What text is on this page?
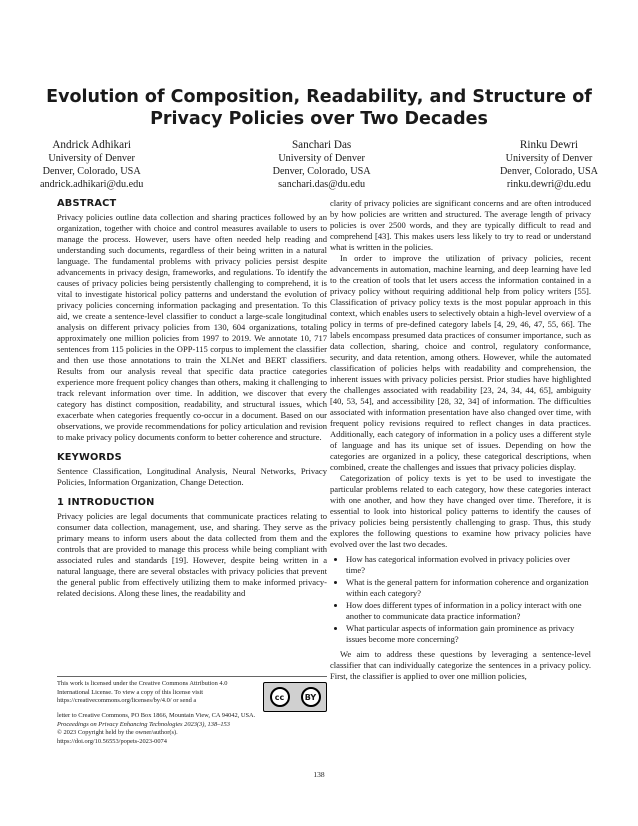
Evolution of Composition, Readability, and Structure of Privacy Policies over Two Decades
Andrick Adhikari
University of Denver
Denver, Colorado, USA
andrick.adhikari@du.edu
Sanchari Das
University of Denver
Denver, Colorado, USA
sanchari.das@du.edu
Rinku Dewri
University of Denver
Denver, Colorado, USA
rinku.dewri@du.edu
ABSTRACT

Privacy policies outline data collection and sharing practices followed by an organization, together with choice and control measures available to users to manage the process. However, users have often needed help reading and understanding such documents, regardless of their being written in a natural language. The fundamental problems with privacy policies persist despite advancements in privacy design, frameworks, and regulations. To identify the causes of privacy policies being persistently challenging to comprehend, it is vital to investigate historical policy patterns and understand the evolution of privacy policies concerning information packaging and presentation. To this aid, we create a sentence-level classifier to conduct a large-scale longitudinal analysis on different privacy policies from 130, 604 organizations, totaling approximately one million policies from 1997 to 2019. We annotate 10, 717 sentences from 115 policies in the OPP-115 corpus to implement the classifier and then use those annotations to train the XLNet and BERT classifiers. Results from our analysis reveal that specific data practice categories experience more frequent policy changes than others, making it challenging to track relevant information over time. In addition, we discover that every category has distinct composition, readability, and structural issues, which exacerbate when categories frequently co-occur in a document. Based on our observations, we provide recommendations for policy articulation and revision to make privacy policy documents conform to better coherence and structure.

KEYWORDS

Sentence Classification, Longitudinal Analysis, Neural Networks, Privacy Policies, Information Organization, Change Detection.

1 INTRODUCTION

Privacy policies are legal documents that communicate practices relating to consumer data collection, management, use, and sharing. They serve as the primary means to inform users about the data collected from them and the controls that are provided to manage this process while being compliant with associated rules and standards [19]. However, despite being written in a natural language, there are several obstacles with privacy policies that prevent the general public from effectively utilizing them to make informed privacy-related decisions. Along these lines, the readability and

This work is licensed under the Creative Commons Attribution 4.0 International License. To view a copy of this license visit https://creativecommons.org/licenses/by/4.0/ or send a	cc	BY
letter to Creative Commons, PO Box 1866, Mountain View, CA 94042, USA.
Proceedings on Privacy Enhancing Technologies 2023(3), 138–153
© 2023 Copyright held by the owner/author(s).
https://doi.org/10.56553/popets-2023-0074

clarity of privacy policies are significant concerns and are often introduced by how policies are written and structured. The average length of privacy policies is over 2500 words, and they are typically difficult to read and comprehend [43]. This makes users less likely to try to read or understand what is written in the policies.

In order to improve the utilization of privacy policies, recent advancements in automation, machine learning, and deep learning have led to the creation of tools that let users access the information contained in a privacy policy without requiring additional help from policy writers [55]. Classification of privacy policy texts is the most popular approach in this context, which enables users to selectively obtain a high-level overview of a policy in terms of pre-defined category labels [4, 29, 46, 47, 55, 66]. The labels encompass presumed data practices of consumer importance, such as data collection, sharing, choice and control, regulatory conformance, security, and data retention, among others. However, while the automated classification of policies helps with readability and comprehension, the inherent issues with privacy policies persist. Prior studies have highlighted the challenges associated with readability [23, 24, 34, 44, 65], ambiguity [40, 53, 54], and accessibility [28, 32, 34] of information. The difficulties associated with information presentation have also changed over time, with frequent policy revisions required to reflect changes in data practices. Additionally, each category of information in a policy uses a different style of language and has its unique set of issues. Depending on how the categories are organized in a policy, these categorical descriptions, when combined, create the challenges and issues that privacy policies display.

Categorization of policy texts is yet to be used to investigate the particular problems related to each category, how these categories interact with one another, and how they have changed over time. Therefore, it is essential to look into historical policy patterns to identify the causes of privacy policies being persistently challenging to grasp. Thus, this study explores the following questions to examine how privacy policies have evolved over the last two decades.

• How has categorical information evolved in privacy policies over time?
• What is the general pattern for information coherence and organization within each category?
• How does different types of information in a policy interact with one another to communicate data practice information?
• What particular aspects of information gain prominence as privacy issues become more concerning?

We aim to address these questions by leveraging a sentence-level classifier that can individually categorize the sentences in a privacy policy. First, the classifier is applied to over one million policies,

138
